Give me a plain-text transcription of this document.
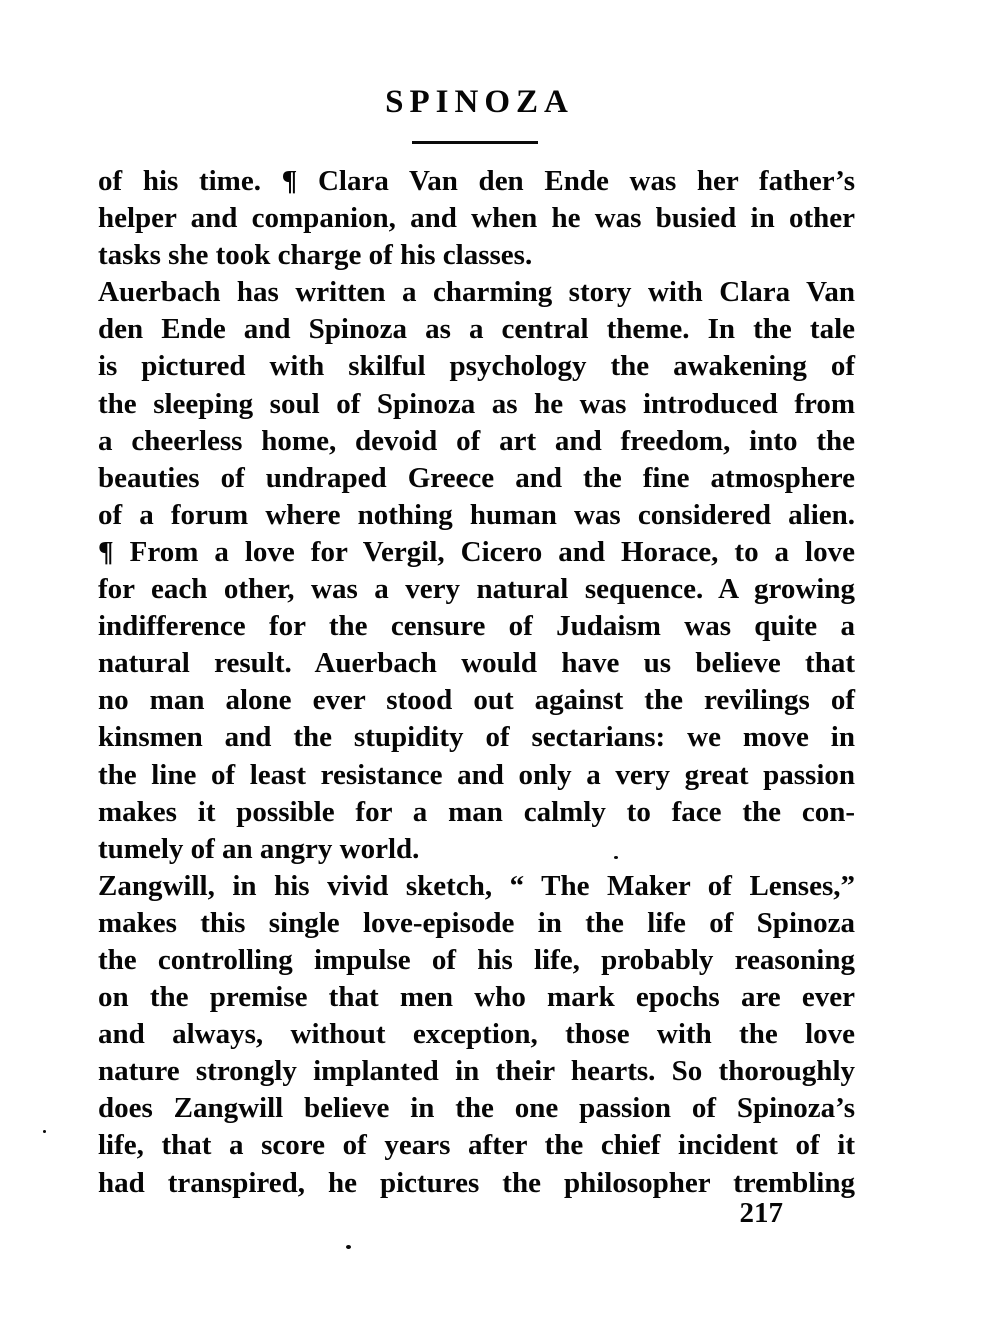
SPINOZA
of his time. ¶ Clara Van den Ende was her father’s
helper and companion, and when he was busied in other
tasks she took charge of his classes.
Auerbach has written a charming story with Clara Van
den Ende and Spinoza as a central theme. In the tale
is pictured with skilful psychology the awakening of
the sleeping soul of Spinoza as he was introduced from
a cheerless home, devoid of art and freedom, into the
beauties of undraped Greece and the fine atmosphere
of a forum where nothing human was considered alien.
¶ From a love for Vergil, Cicero and Horace, to a love
for each other, was a very natural sequence. A growing
indifference for the censure of Judaism was quite a
natural result. Auerbach would have us believe that
no man alone ever stood out against the revilings of
kinsmen and the stupidity of sectarians: we move in
the line of least resistance and only a very great passion
makes it possible for a man calmly to face the con-
tumely of an angry world.
Zangwill, in his vivid sketch, “ The Maker of Lenses,”
makes this single love-episode in the life of Spinoza
the controlling impulse of his life, probably reasoning
on the premise that men who mark epochs are ever
and always, without exception, those with the love
nature strongly implanted in their hearts. So thoroughly
does Zangwill believe in the one passion of Spinoza’s
life, that a score of years after the chief incident of it
had transpired, he pictures the philosopher trembling
217
